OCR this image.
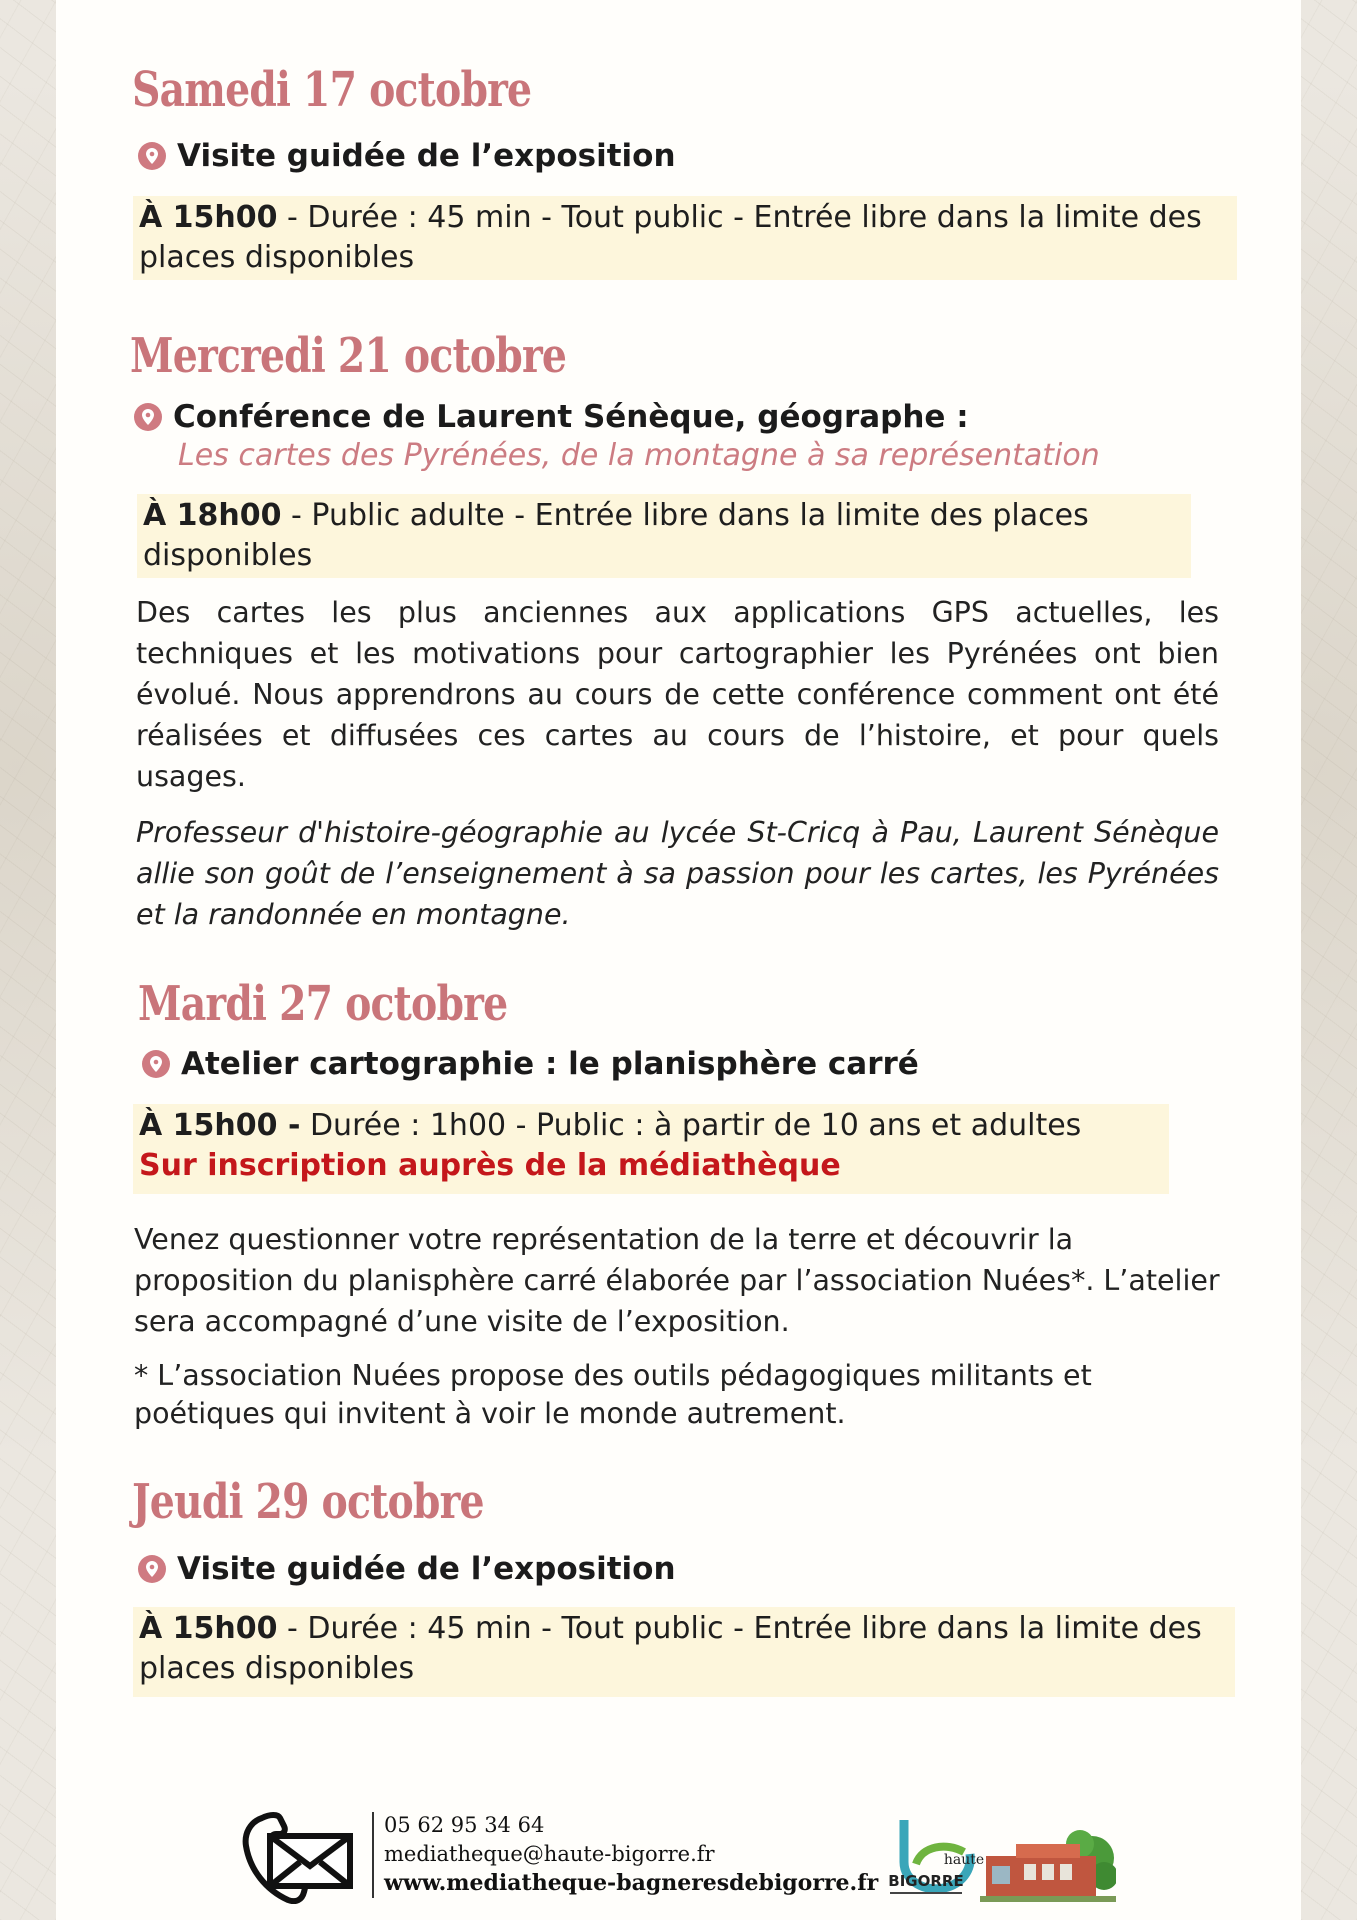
Samedi 17 octobre
Visite guidée de l’exposition
À 15h00 - Durée : 45 min - Tout public - Entrée libre dans la limite des places disponibles
Mercredi 21 octobre
Conférence de Laurent Sénèque, géographe :
Les cartes des Pyrénées, de la montagne à sa représentation
À 18h00 - Public adulte - Entrée libre dans la limite des places disponibles

Des cartes les plus anciennes aux applications GPS actuelles, les techniques et les motivations pour cartographier les Pyrénées ont bien évolué. Nous apprendrons au cours de cette conférence comment ont été réalisées et diffusées ces cartes au cours de l’histoire, et pour quels usages.

Professeur d'histoire-géographie au lycée St-Cricq à Pau, Laurent Sénèque allie son goût de l’enseignement à sa passion pour les cartes, les Pyrénées et la randonnée en montagne.

Mardi 27 octobre
Atelier cartographie : le planisphère carré
À 15h00 - Durée : 1h00 - Public : à partir de 10 ans et adultes
Sur inscription auprès de la médiathèque

Venez questionner votre représentation de la terre et découvrir la proposition du planisphère carré élaborée par l’association Nuées*. L’atelier sera accompagné d’une visite de l’exposition.

* L’association Nuées propose des outils pédagogiques militants et poétiques qui invitent à voir le monde autrement.

Jeudi 29 octobre
Visite guidée de l’exposition
À 15h00 - Durée : 45 min - Tout public - Entrée libre dans la limite des places disponibles
05 62 95 34 64
mediatheque@haute-bigorre.fr
www.mediatheque-bagneresdebigorre.fr
haute
BIGORRE
